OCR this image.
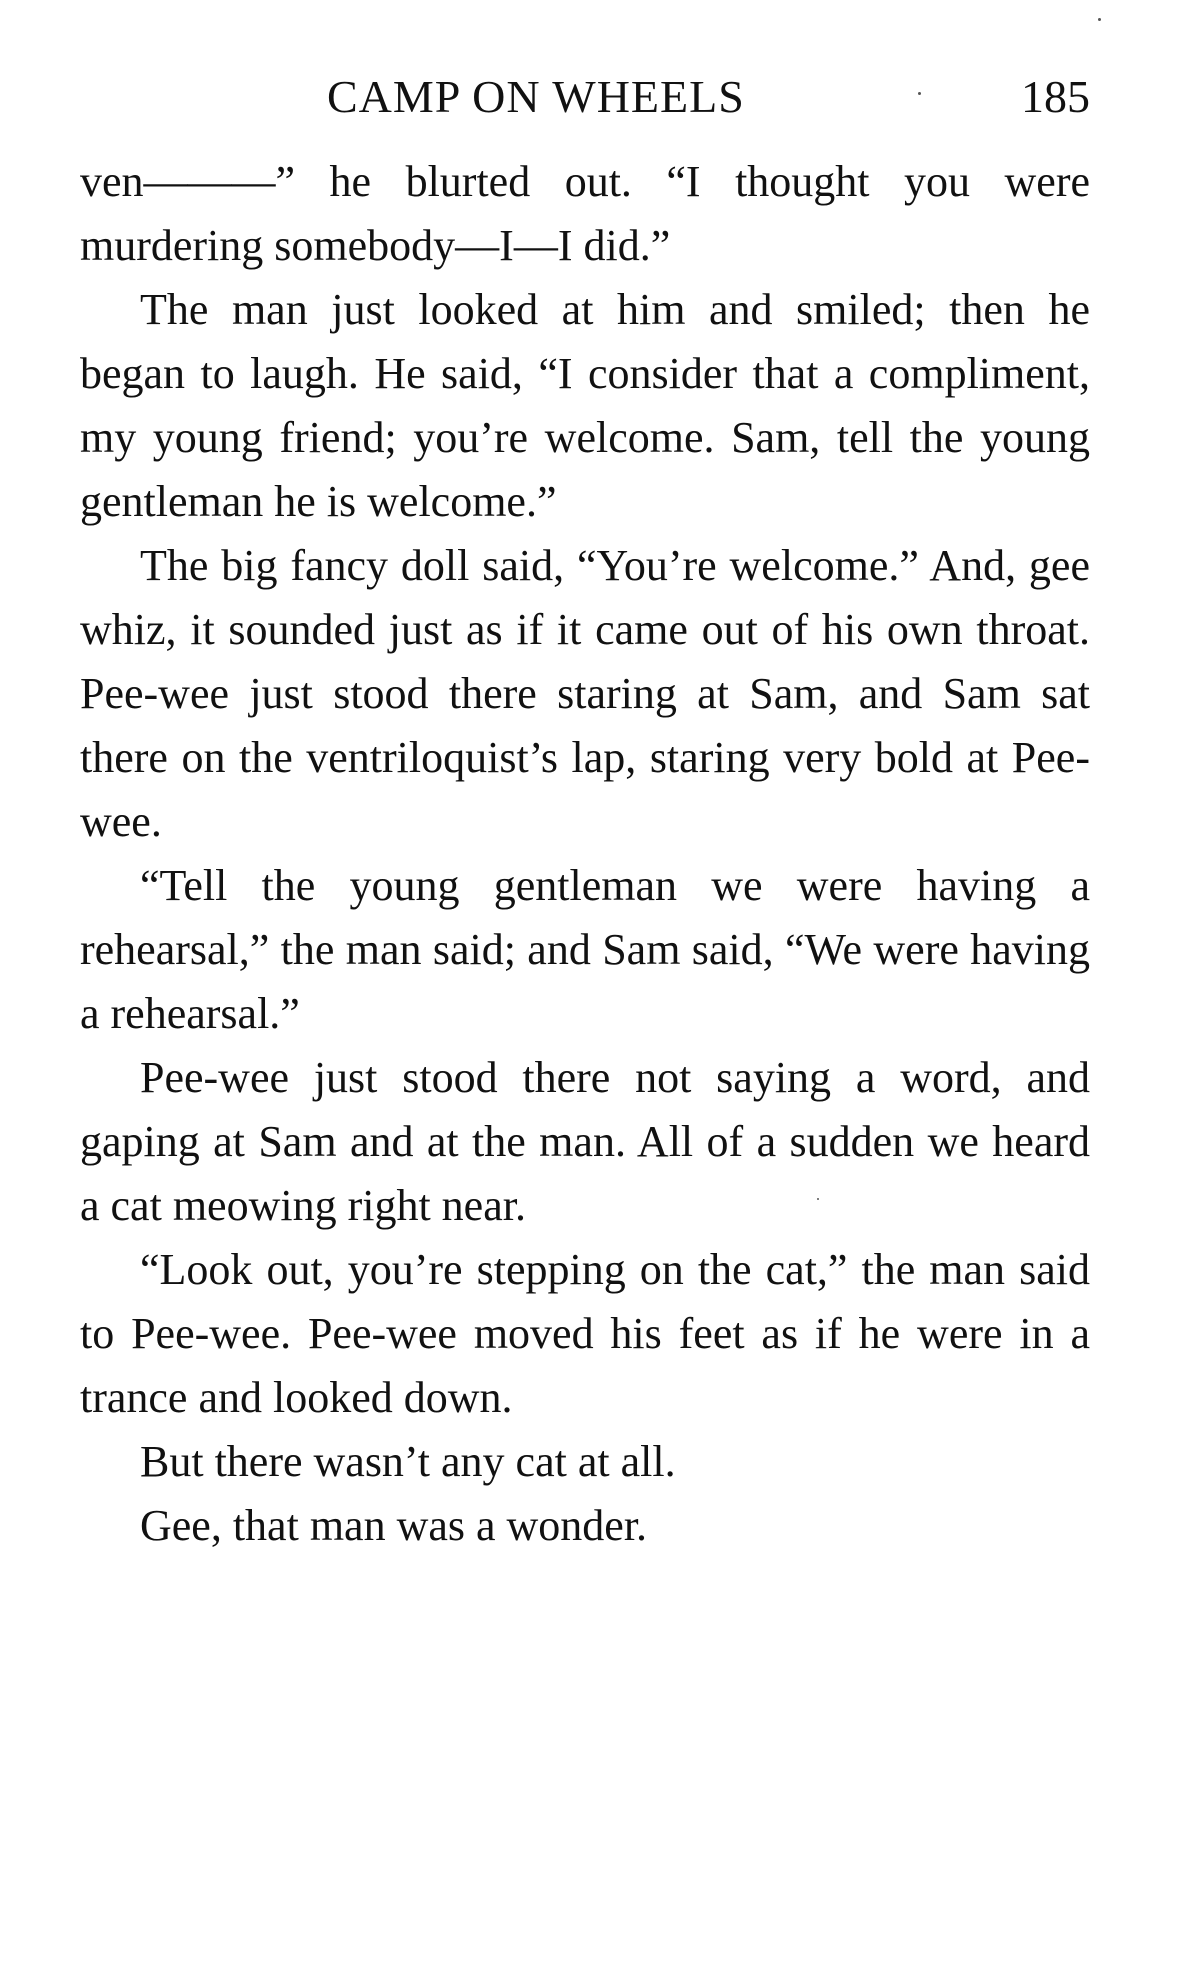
CAMP ON WHEELS	185

ven———” he blurted out. “I thought you were murdering somebody—I—I did.”

The man just looked at him and smiled; then he began to laugh. He said, “I consider that a compliment, my young friend; you’re welcome. Sam, tell the young gentleman he is welcome.”

The big fancy doll said, “You’re welcome.” And, gee whiz, it sounded just as if it came out of his own throat. Pee-wee just stood there staring at Sam, and Sam sat there on the ventriloquist’s lap, staring very bold at Pee-wee.

“Tell the young gentleman we were having a rehearsal,” the man said; and Sam said, “We were having a rehearsal.”

Pee-wee just stood there not saying a word, and gaping at Sam and at the man. All of a sudden we heard a cat meowing right near.

“Look out, you’re stepping on the cat,” the man said to Pee-wee. Pee-wee moved his feet as if he were in a trance and looked down.

But there wasn’t any cat at all.

Gee, that man was a wonder.
